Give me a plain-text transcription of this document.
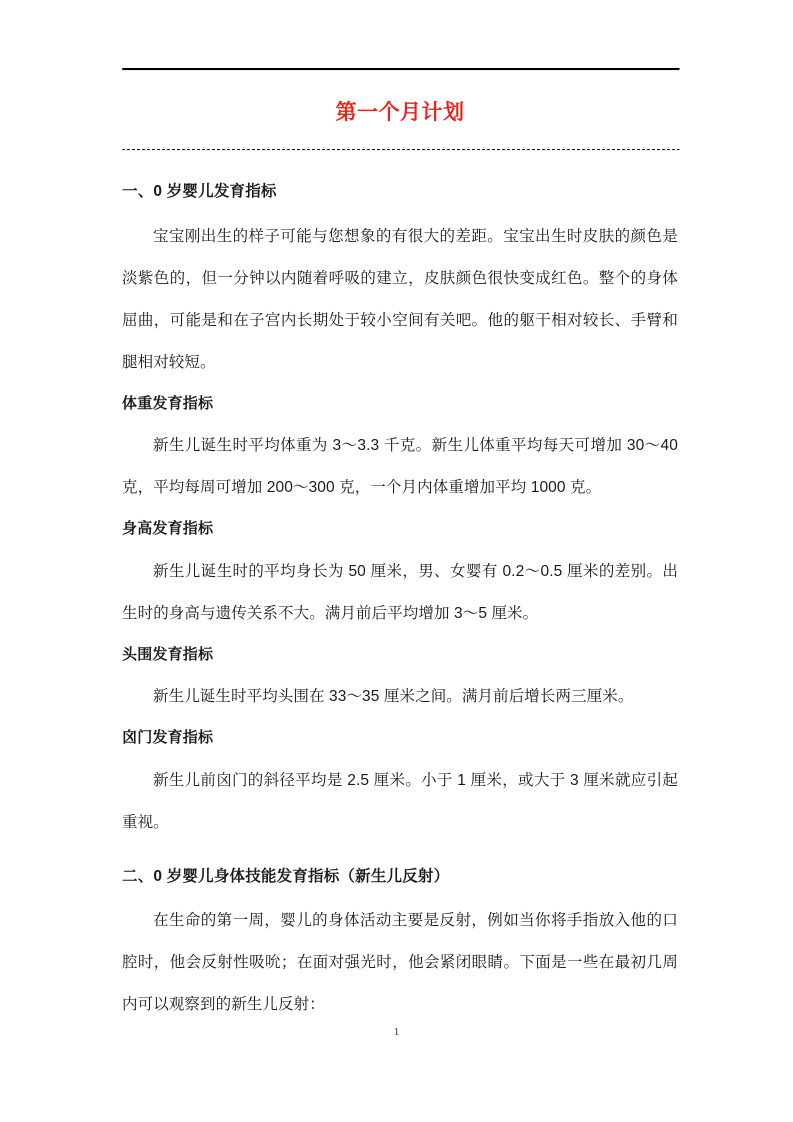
第一个月计划
一、0 岁婴儿发育指标

宝宝刚出生的样子可能与您想象的有很大的差距。宝宝出生时皮肤的颜色是淡紫色的，但一分钟以内随着呼吸的建立，皮肤颜色很快变成红色。整个的身体屈曲，可能是和在子宫内长期处于较小空间有关吧。他的躯干相对较长、手臂和腿相对较短。

体重发育指标

新生儿诞生时平均体重为 3～3.3 千克。新生儿体重平均每天可增加 30～40 克，平均每周可增加 200～300 克，一个月内体重增加平均 1000 克。

身高发育指标

新生儿诞生时的平均身长为 50 厘米，男、女婴有 0.2～0.5 厘米的差别。出生时的身高与遗传关系不大。满月前后平均增加 3～5 厘米。

头围发育指标

新生儿诞生时平均头围在 33～35 厘米之间。满月前后增长两三厘米。

囟门发育指标

新生儿前囟门的斜径平均是 2.5 厘米。小于 1 厘米，或大于 3 厘米就应引起重视。

二、0 岁婴儿身体技能发育指标（新生儿反射）

在生命的第一周，婴儿的身体活动主要是反射，例如当你将手指放入他的口腔时，他会反射性吸吮；在面对强光时，他会紧闭眼睛。下面是一些在最初几周内可以观察到的新生儿反射：

1
